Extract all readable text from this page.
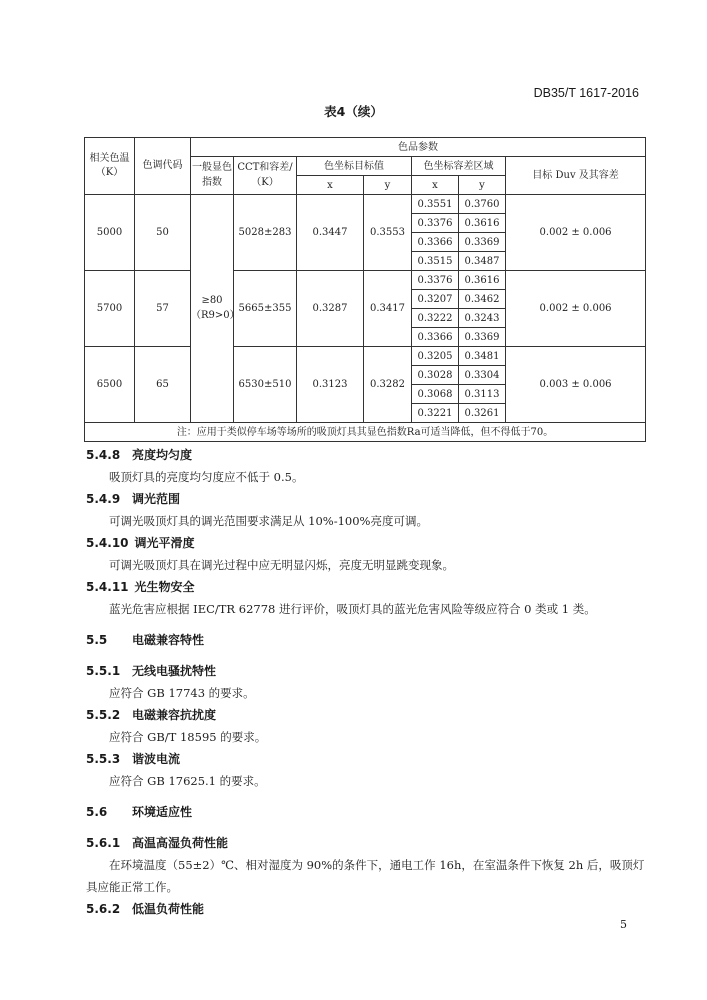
DB35/T 1617-2016
表4（续）
相关色温（K）	色调代码	色品参数						
		一般显色指数	CCT和容差/（K）	色坐标目标值		色坐标容差区域		目标 Duv 及其容差
				x	y	x	y	
5000	50	≥80（R9>0）	5028±283	0.3447	0.3553	0.3551	0.3760	0.002 ± 0.006
						0.3376	0.3616	
						0.3366	0.3369	
						0.3515	0.3487	
5700	57		5665±355	0.3287	0.3417	0.3376	0.3616	0.002 ± 0.006
						0.3207	0.3462	
						0.3222	0.3243	
						0.3366	0.3369	
6500	65		6530±510	0.3123	0.3282	0.3205	0.3481	0.003 ± 0.006
						0.3028	0.3304	
						0.3068	0.3113	
						0.3221	0.3261	
注：应用于类似停车场等场所的吸顶灯具其显色指数Ra可适当降低，但不得低于70。								
5.4.8 亮度均匀度

吸顶灯具的亮度均匀度应不低于 0.5。

5.4.9 调光范围

可调光吸顶灯具的调光范围要求满足从 10%-100%亮度可调。

5.4.10 调光平滑度

可调光吸顶灯具在调光过程中应无明显闪烁，亮度无明显跳变现象。

5.4.11 光生物安全

蓝光危害应根据 IEC/TR 62778 进行评价，吸顶灯具的蓝光危害风险等级应符合 0 类或 1 类。

5.5 电磁兼容特性
5.5.1 无线电骚扰特性

应符合 GB 17743 的要求。

5.5.2 电磁兼容抗扰度

应符合 GB/T 18595 的要求。

5.5.3 谐波电流

应符合 GB 17625.1 的要求。

5.6 环境适应性
5.6.1 高温高湿负荷性能

在环境温度（55±2）℃、相对湿度为 90%的条件下，通电工作 16h，在室温条件下恢复 2h 后，吸顶灯具应能正常工作。

5.6.2 低温负荷性能
5
